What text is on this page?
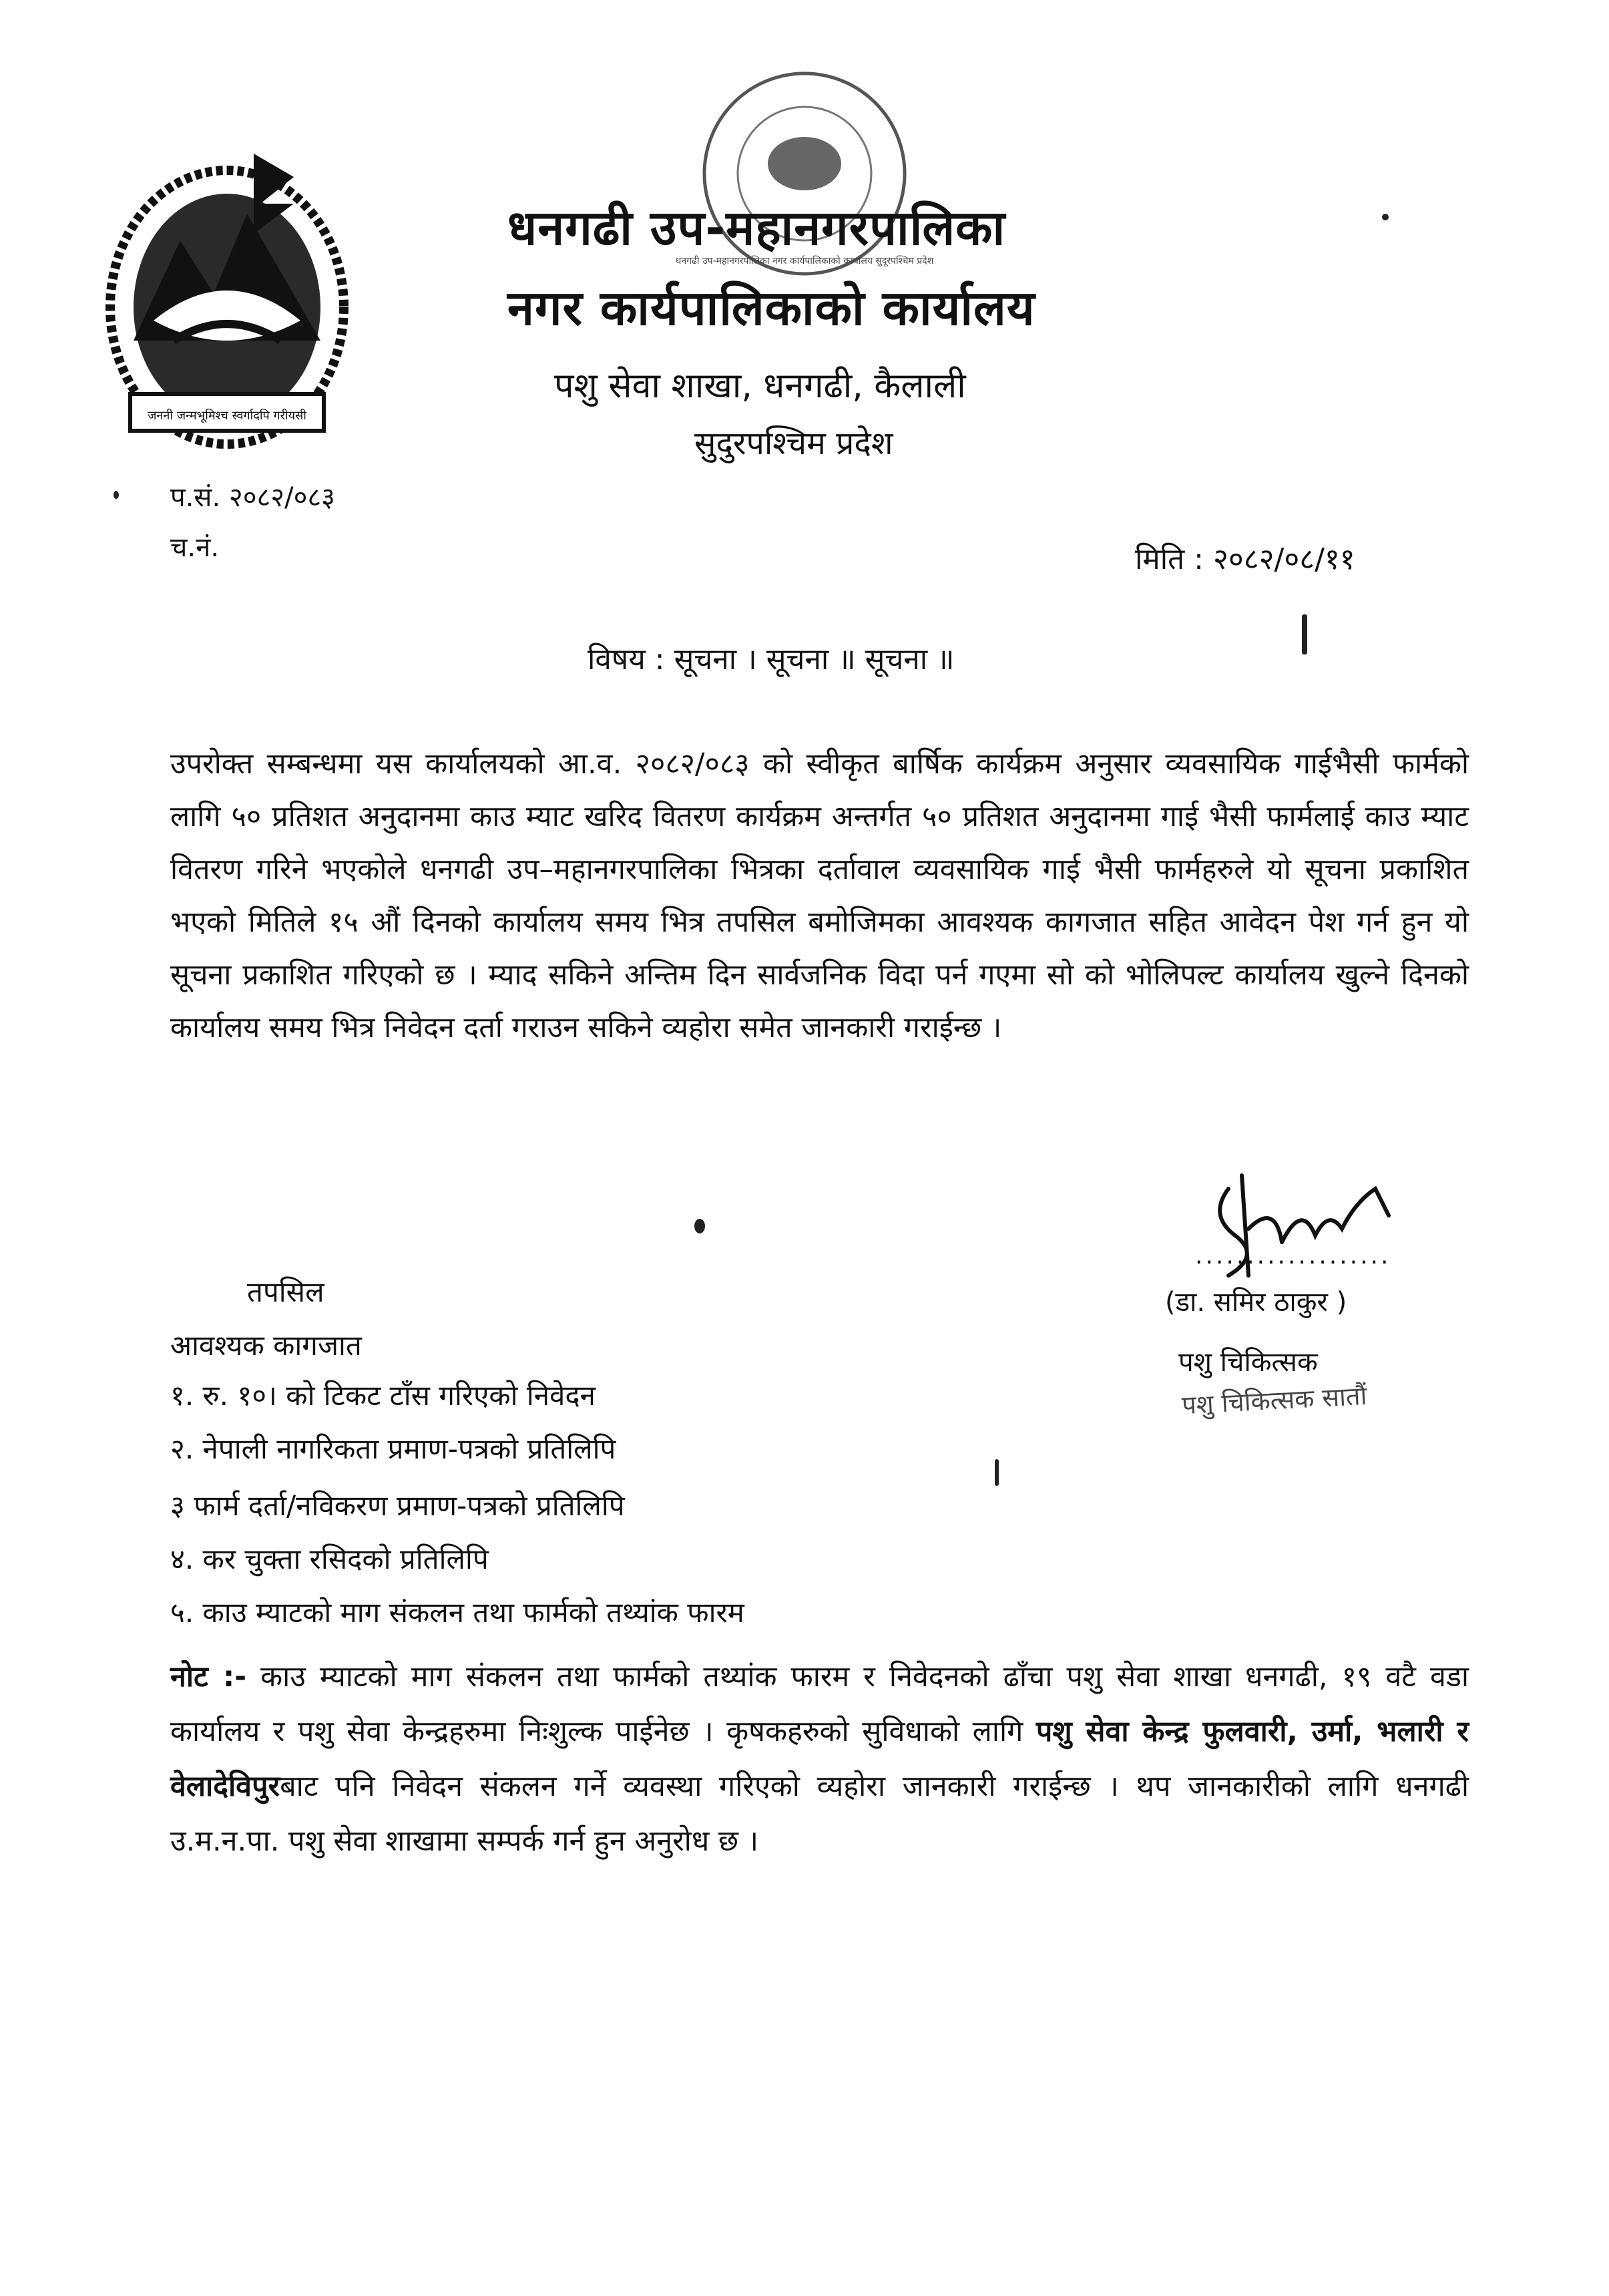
जननी जन्मभूमिश्च स्वर्गादपि गरीयसी
धनगढी उप-महानगरपालिका नगर कार्यपालिकाको कार्यालय सुदूरपश्चिम प्रदेश
धनगढी उप-महानगरपालिका
नगर कार्यपालिकाको कार्यालय
पशु सेवा शाखा, धनगढी, कैलाली
सुदुरपश्चिम प्रदेश
प.सं. २०८२/०८३
च.नं.	मिति : २०८२/०८/११
विषय : सूचना । सूचना ॥ सूचना ॥
उपरोक्त सम्बन्धमा यस कार्यालयको आ.व. २०८२/०८३ को स्वीकृत बार्षिक कार्यक्रम अनुसार व्यवसायिक गाईभैसी फार्मको लागि ५० प्रतिशत अनुदानमा काउ म्याट खरिद वितरण कार्यक्रम अन्तर्गत ५० प्रतिशत अनुदानमा गाई भैसी फार्मलाई काउ म्याट वितरण गरिने भएकोले धनगढी उप–महानगरपालिका भित्रका दर्तावाल व्यवसायिक गाई भैसी फार्महरुले यो सूचना प्रकाशित भएको मितिले १५ औं दिनको कार्यालय समय भित्र तपसिल बमोजिमका आवश्यक कागजात सहित आवेदन पेश गर्न हुन यो सूचना प्रकाशित गरिएको छ । म्याद सकिने अन्तिम दिन सार्वजनिक विदा पर्न गएमा सो को भोलिपल्ट कार्यालय खुल्ने दिनको कार्यालय समय भित्र निवेदन दर्ता गराउन सकिने व्यहोरा समेत जानकारी गराईन्छ ।
Shaker
...................
(डा. समिर ठाकुर )
पशु चिकित्सक
पशु चिकित्सक सातौं
तपसिल
आवश्यक कागजात
१. रु. १०। को टिकट टाँस गरिएको निवेदन
२. नेपाली नागरिकता प्रमाण-पत्रको प्रतिलिपि
३ फार्म दर्ता/नविकरण प्रमाण-पत्रको प्रतिलिपि
४. कर चुक्ता रसिदको प्रतिलिपि
५. काउ म्याटको माग संकलन तथा फार्मको तथ्यांक फारम
नोट :- काउ म्याटको माग संकलन तथा फार्मको तथ्यांक फारम र निवेदनको ढाँचा पशु सेवा शाखा धनगढी, १९ वटै वडा कार्यालय र पशु सेवा केन्द्रहरुमा निःशुल्क पाईनेछ । कृषकहरुको सुविधाको लागि पशु सेवा केन्द्र फुलवारी, उर्मा, भलारी र वेलादेविपुरबाट पनि निवेदन संकलन गर्ने व्यवस्था गरिएको व्यहोरा जानकारी गराईन्छ । थप जानकारीको लागि धनगढी उ.म.न.पा. पशु सेवा शाखामा सम्पर्क गर्न हुन अनुरोध छ ।
